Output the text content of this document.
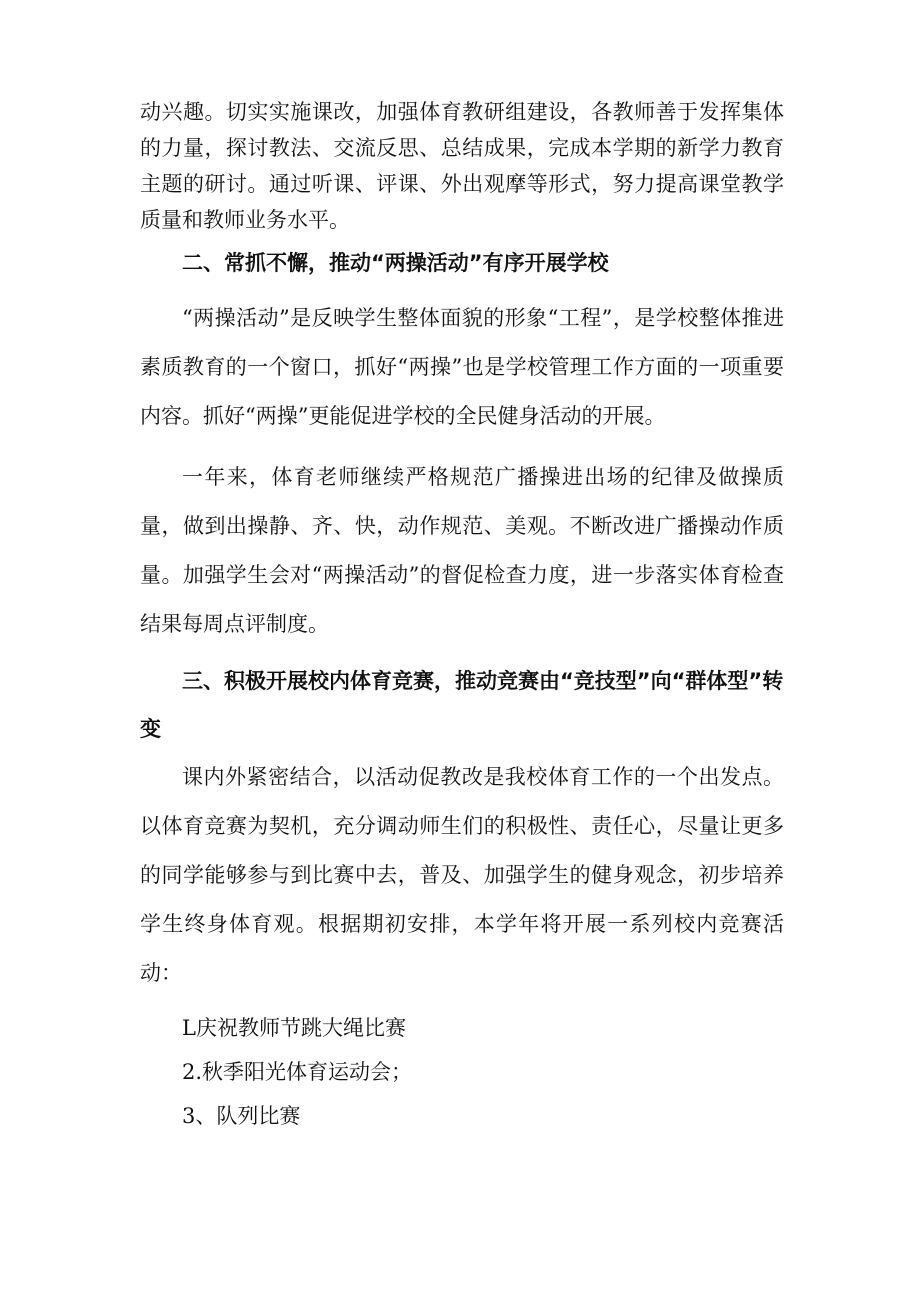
动兴趣。切实实施课改，加强体育教研组建设，各教师善于发挥集体的力量，探讨教法、交流反思、总结成果，完成本学期的新学力教育主题的研讨。通过听课、评课、外出观摩等形式，努力提高课堂教学质量和教师业务水平。

二、常抓不懈，推动“两操活动”有序开展学校

“两操活动”是反映学生整体面貌的形象“工程”，是学校整体推进素质教育的一个窗口，抓好“两操”也是学校管理工作方面的一项重要内容。抓好“两操”更能促进学校的全民健身活动的开展。

一年来，体育老师继续严格规范广播操进出场的纪律及做操质量，做到出操静、齐、快，动作规范、美观。不断改进广播操动作质量。加强学生会对“两操活动”的督促检查力度，进一步落实体育检查结果每周点评制度。

三、积极开展校内体育竞赛，推动竞赛由“竞技型”向“群体型”转变

课内外紧密结合，以活动促教改是我校体育工作的一个出发点。以体育竞赛为契机，充分调动师生们的积极性、责任心，尽量让更多的同学能够参与到比赛中去，普及、加强学生的健身观念，初步培养学生终身体育观。根据期初安排，本学年将开展一系列校内竞赛活动：

L庆祝教师节跳大绳比赛

2.秋季阳光体育运动会；

3、队列比赛
